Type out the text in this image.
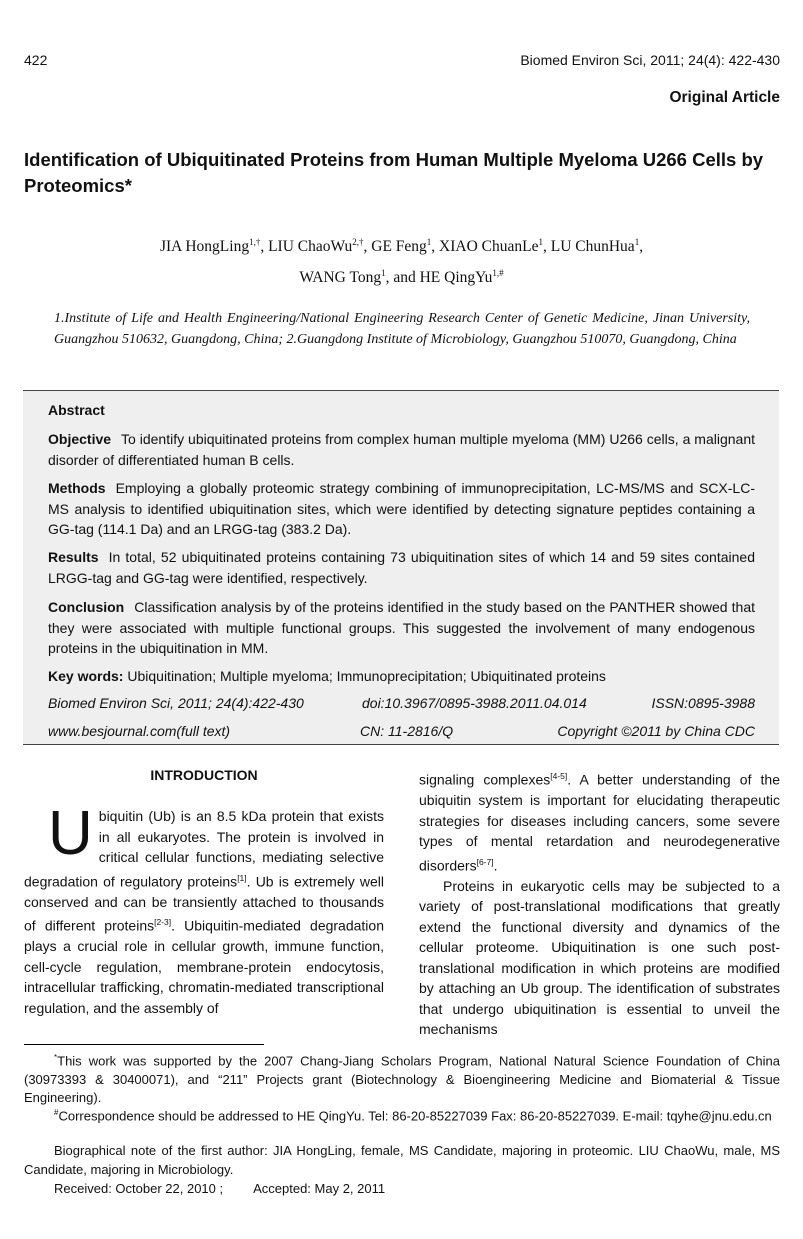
422	Biomed Environ Sci, 2011; 24(4): 422-430
Original Article
Identification of Ubiquitinated Proteins from Human Multiple Myeloma U266 Cells by Proteomics*
JIA HongLing$^{1,\dagger}$, LIU ChaoWu$^{2,\dagger}$, GE Feng$^1$, XIAO ChuanLe$^1$, LU ChunHua$^1$,
WANG Tong$^1$, and HE QingYu$^{1,\#}$
1.Institute of Life and Health Engineering/National Engineering Research Center of Genetic Medicine, Jinan University, Guangzhou 510632, Guangdong, China; 2.Guangdong Institute of Microbiology, Guangzhou 510070, Guangdong, China
Abstract
Objective To identify ubiquitinated proteins from complex human multiple myeloma (MM) U266 cells, a malignant disorder of differentiated human B cells.
Methods Employing a globally proteomic strategy combining of immunoprecipitation, LC-MS/MS and SCX-LC-MS analysis to identified ubiquitination sites, which were identified by detecting signature peptides containing a GG-tag (114.1 Da) and an LRGG-tag (383.2 Da).
Results In total, 52 ubiquitinated proteins containing 73 ubiquitination sites of which 14 and 59 sites contained LRGG-tag and GG-tag were identified, respectively.
Conclusion Classification analysis by of the proteins identified in the study based on the PANTHER showed that they were associated with multiple functional groups. This suggested the involvement of many endogenous proteins in the ubiquitination in MM.
Key words: Ubiquitination; Multiple myeloma; Immunoprecipitation; Ubiquitinated proteins
Biomed Environ Sci, 2011; 24(4):422-430	doi:10.3967/0895-3988.2011.04.014	ISSN:0895-3988
www.besjournal.com(full text)	CN: 11-2816/Q	Copyright ©2011 by China CDC
INTRODUCTION

Ubiquitin (Ub) is an 8.5 kDa protein that exists in all eukaryotes. The protein is involved in critical cellular functions, mediating selective degradation of regulatory proteins[1]. Ub is extremely well conserved and can be transiently attached to thousands of different proteins[2-3]. Ubiquitin-mediated degradation plays a crucial role in cellular growth, immune function, cell-cycle regulation, membrane-protein endocytosis, intracellular trafficking, chromatin-mediated transcriptional regulation, and the assembly of

signaling complexes[4-5]. A better understanding of the ubiquitin system is important for elucidating therapeutic strategies for diseases including cancers, some severe types of mental retardation and neurodegenerative disorders[6-7].

Proteins in eukaryotic cells may be subjected to a variety of post-translational modifications that greatly extend the functional diversity and dynamics of the cellular proteome. Ubiquitination is one such post-translational modification in which proteins are modified by attaching an Ub group. The identification of substrates that undergo ubiquitination is essential to unveil the mechanisms

*This work was supported by the 2007 Chang-Jiang Scholars Program, National Natural Science Foundation of China (30973393 & 30400071), and “211” Projects grant (Biotechnology & Bioengineering Medicine and Biomaterial & Tissue Engineering).
#Correspondence should be addressed to HE QingYu. Tel: 86-20-85227039 Fax: 86-20-85227039. E-mail: tqyhe@jnu.edu.cn
Biographical note of the first author: JIA HongLing, female, MS Candidate, majoring in proteomic. LIU ChaoWu, male, MS Candidate, majoring in Microbiology.
Received: October 22, 2010 ; Accepted: May 2, 2011
